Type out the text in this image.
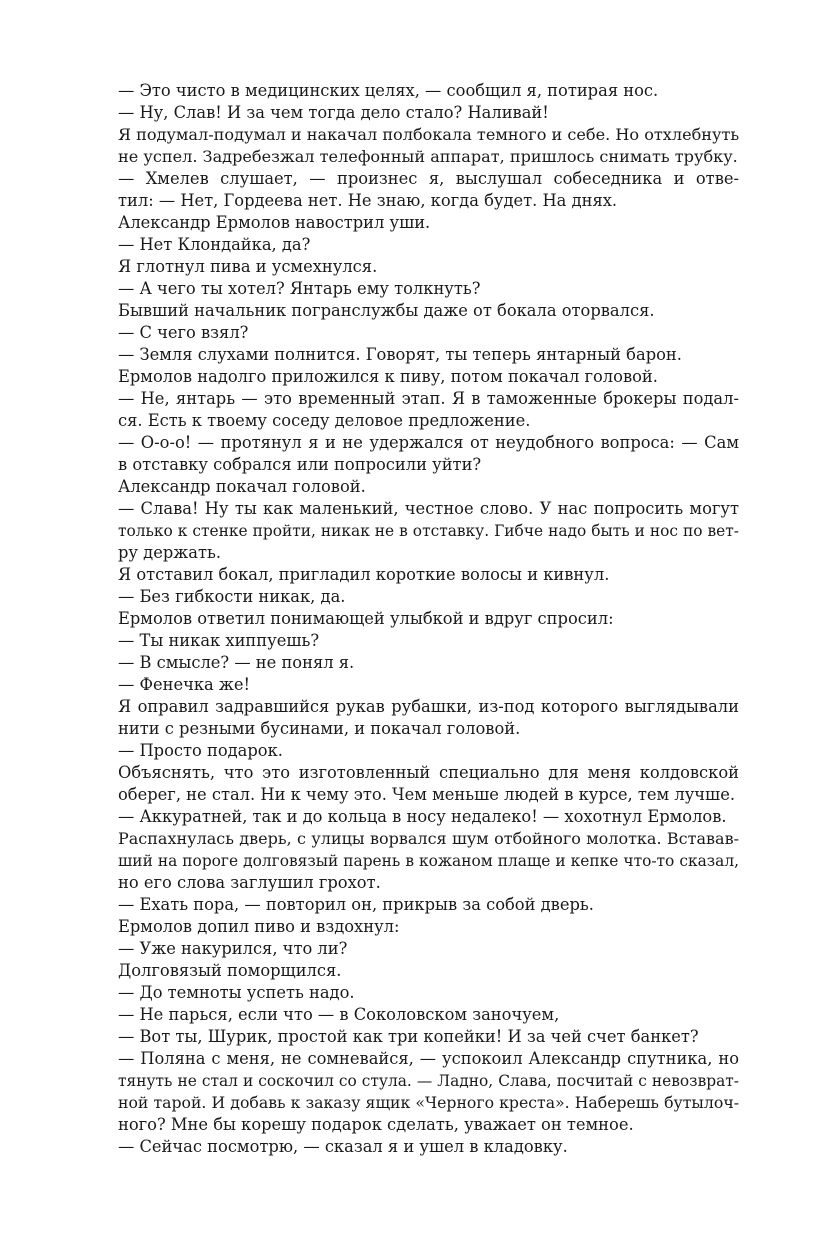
— Это чисто в медицинских целях, — сообщил я, потирая нос.
— Ну, Слав! И за чем тогда дело стало? Наливай!
Я подумал-подумал и накачал полбокала темного и себе. Но отхлебнуть
не успел. Задребезжал телефонный аппарат, пришлось снимать трубку.
— Хмелев слушает, — произнес я, выслушал собеседника и отве-
тил: — Нет, Гордеева нет. Не знаю, когда будет. На днях.
Александр Ермолов навострил уши.
— Нет Клондайка, да?
Я глотнул пива и усмехнулся.
— А чего ты хотел? Янтарь ему толкнуть?
Бывший начальник погранслужбы даже от бокала оторвался.
— С чего взял?
— Земля слухами полнится. Говорят, ты теперь янтарный барон.
Ермолов надолго приложился к пиву, потом покачал головой.
— Не, янтарь — это временный этап. Я в таможенные брокеры подал-
ся. Есть к твоему соседу деловое предложение.
— О-о-о! — протянул я и не удержался от неудобного вопроса: — Сам
в отставку собрался или попросили уйти?
Александр покачал головой.
— Слава! Ну ты как маленький, честное слово. У нас попросить могут
только к стенке пройти, никак не в отставку. Гибче надо быть и нос по вет-
ру держать.
Я отставил бокал, пригладил короткие волосы и кивнул.
— Без гибкости никак, да.
Ермолов ответил понимающей улыбкой и вдруг спросил:
— Ты никак хиппуешь?
— В смысле? — не понял я.
— Фенечка же!
Я оправил задравшийся рукав рубашки, из-под которого выглядывали
нити с резными бусинами, и покачал головой.
— Просто подарок.
Объяснять, что это изготовленный специально для меня колдовской
оберег, не стал. Ни к чему это. Чем меньше людей в курсе, тем лучше.
— Аккуратней, так и до кольца в носу недалеко! — хохотнул Ермолов.
Распахнулась дверь, с улицы ворвался шум отбойного молотка. Вставав-
ший на пороге долговязый парень в кожаном плаще и кепке что-то сказал,
но его слова заглушил грохот.
— Ехать пора, — повторил он, прикрыв за собой дверь.
Ермолов допил пиво и вздохнул:
— Уже накурился, что ли?
Долговязый поморщился.
— До темноты успеть надо.
— Не парься, если что — в Соколовском заночуем,
— Вот ты, Шурик, простой как три копейки! И за чей счет банкет?
— Поляна с меня, не сомневайся, — успокоил Александр спутника, но
тянуть не стал и соскочил со стула. — Ладно, Слава, посчитай с невозврат-
ной тарой. И добавь к заказу ящик «Черного креста». Наберешь бутылоч-
ного? Мне бы корешу подарок сделать, уважает он темное.
— Сейчас посмотрю, — сказал я и ушел в кладовку.
